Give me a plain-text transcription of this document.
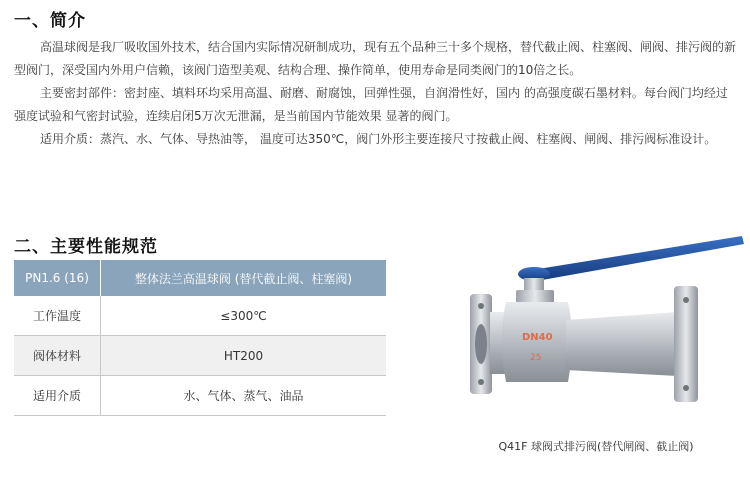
一、简介

高温球阀是我厂吸收国外技术，结合国内实际情况研制成功，现有五个品种三十多个规格，替代截止阀、柱塞阀、闸阀、排污阀的新型阀门，深受国内外用户信赖，该阀门造型美观、结构合理、操作简单，使用寿命是同类阀门的10倍之长。

主要密封部件：密封座、填料环均采用高温、耐磨、耐腐蚀，回弹性强，自润滑性好，国内 的高强度碳石墨材料。每台阀门均经过强度试验和气密封试验，连续启闭5万次无泄漏，是当前国内节能效果 显著的阀门。

适用介质：蒸汽、水、气体、导热油等， 温度可达350℃，阀门外形主要连接尺寸按截止阀、柱塞阀、闸阀、排污阀标准设计。

二、主要性能规范
PN1.6 (16)	整体法兰高温球阀 (替代截止阀、柱塞阀)
工作温度	≤300℃
阀体材料	HT200
适用介质	水、气体、蒸气、油品
DN40
25

Q41F 球阀式排污阀(替代闸阀、截止阀)
